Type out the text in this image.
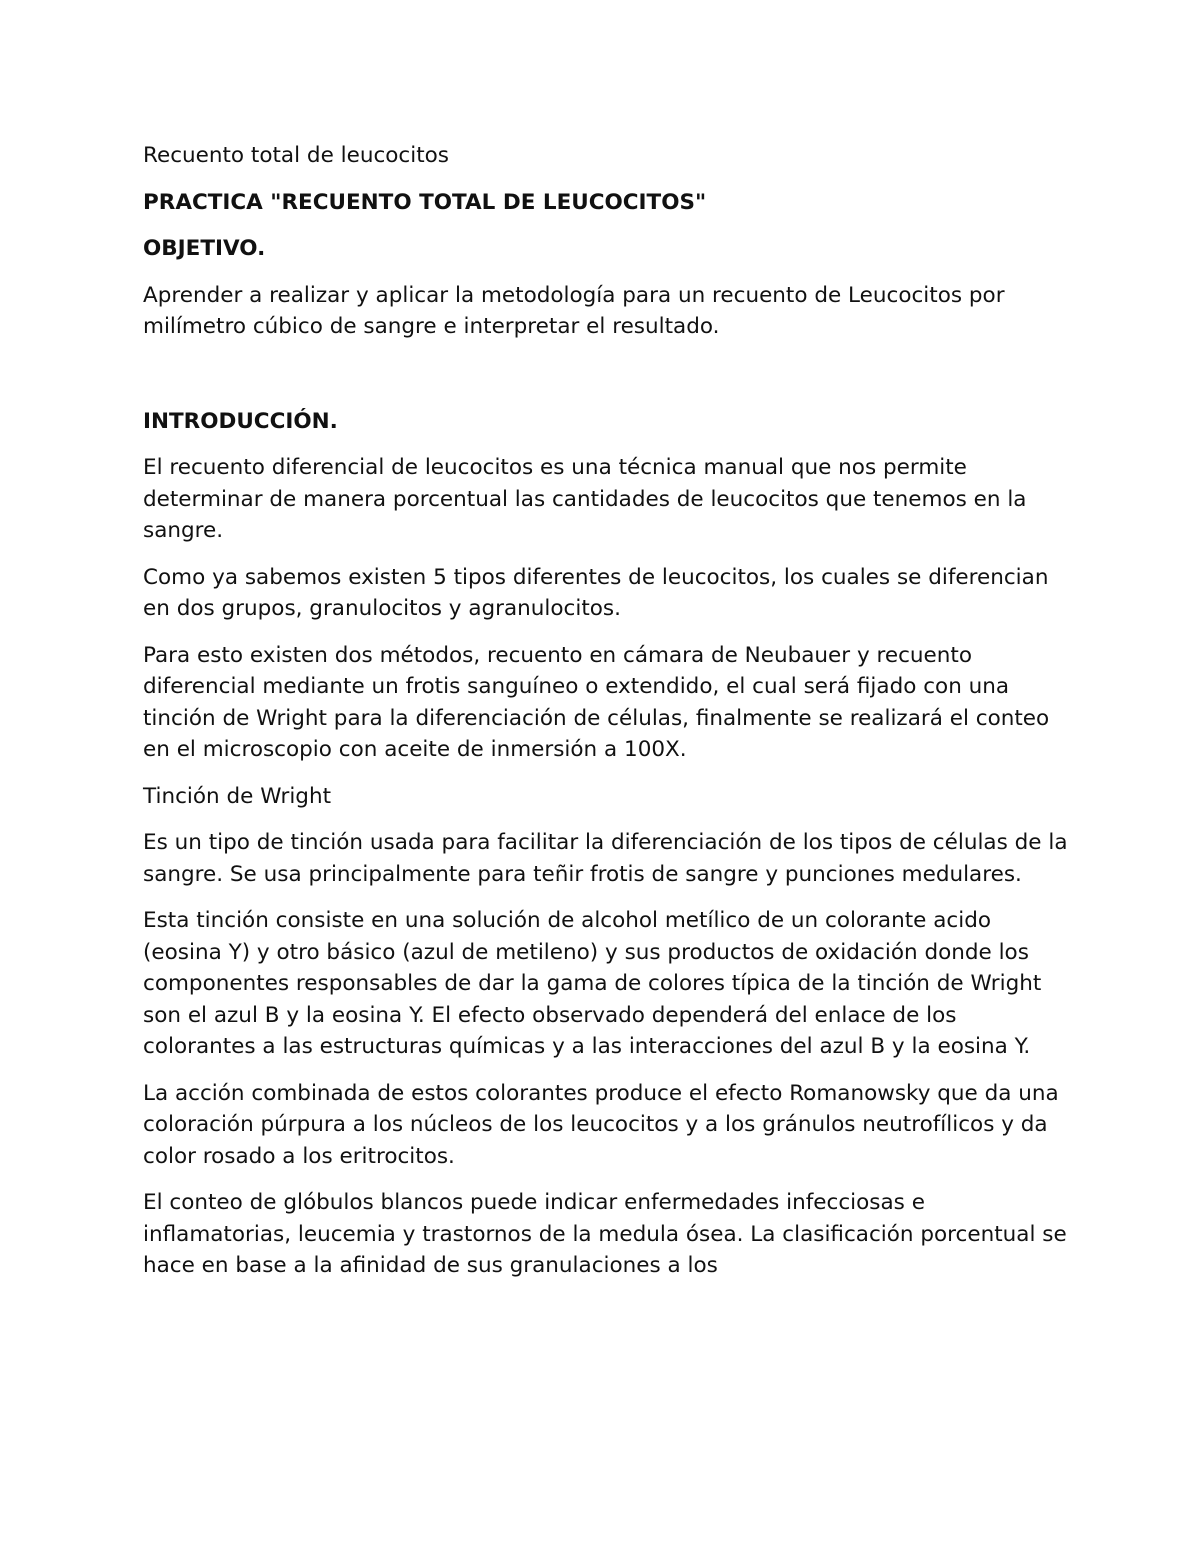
Recuento total de leucocitos

PRACTICA "RECUENTO TOTAL DE LEUCOCITOS"

OBJETIVO.

Aprender a realizar y aplicar la metodología para un recuento de Leucocitos por milímetro cúbico de sangre e interpretar el resultado.

INTRODUCCIÓN.

El recuento diferencial de leucocitos es una técnica manual que nos permite determinar de manera porcentual las cantidades de leucocitos que tenemos en la sangre.

Como ya sabemos existen 5 tipos diferentes de leucocitos, los cuales se diferencian en dos grupos, granulocitos y agranulocitos.

Para esto existen dos métodos, recuento en cámara de Neubauer y recuento diferencial mediante un frotis sanguíneo o extendido, el cual será fijado con una tinción de Wright para la diferenciación de células, finalmente se realizará el conteo en el microscopio con aceite de inmersión a 100X.

Tinción de Wright

Es un tipo de tinción usada para facilitar la diferenciación de los tipos de células de la sangre. Se usa principalmente para teñir frotis de sangre y punciones medulares.

Esta tinción consiste en una solución de alcohol metílico de un colorante acido (eosina Y) y otro básico (azul de metileno) y sus productos de oxidación donde los componentes responsables de dar la gama de colores típica de la tinción de Wright son el azul B y la eosina Y. El efecto observado dependerá del enlace de los colorantes a las estructuras químicas y a las interacciones del azul B y la eosina Y.

La acción combinada de estos colorantes produce el efecto Romanowsky que da una coloración púrpura a los núcleos de los leucocitos y a los gránulos neutrofílicos y da color rosado a los eritrocitos.

El conteo de glóbulos blancos puede indicar enfermedades infecciosas e inflamatorias, leucemia y trastornos de la medula ósea. La clasificación porcentual se hace en base a la afinidad de sus granulaciones a los
